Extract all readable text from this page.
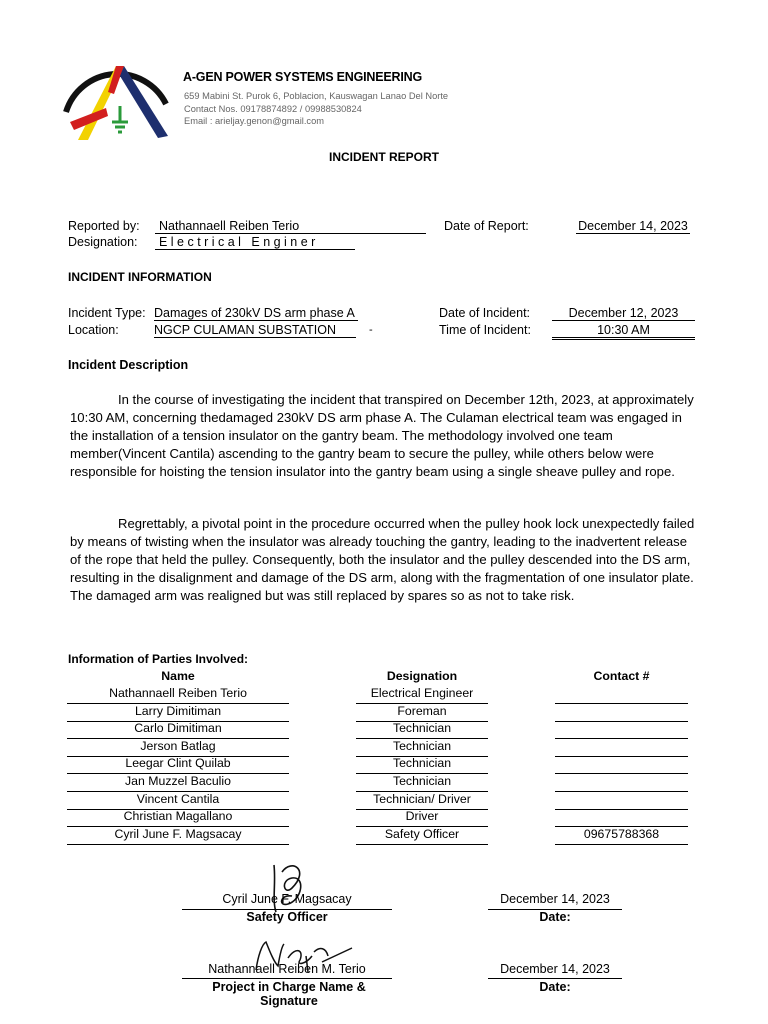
A-GEN POWER SYSTEMS ENGINEERING
659 Mabini St. Purok 6, Poblacion, Kauswagan Lanao Del Norte
Contact Nos. 09178874892 / 09988530824
Email : arieljay.genon@gmail.com
INCIDENT REPORT
Reported by:	Nathannaell Reiben Terio
Designation:	E l e c t r i c a l   E n g i n e r
Date of Report:	December 14, 2023
INCIDENT INFORMATION
Incident Type: Damages of 230kV DS arm phase A
Location:	NGCP CULAMAN SUBSTATION	-
Date of Incident:	December 12, 2023
Time of Incident:	10:30 AM
Incident Description

In the course of investigating the incident that transpired on December 12th, 2023, at approximately 10:30 AM, concerning thedamaged 230kV DS arm phase A. The Culaman electrical team was engaged in the installation of a tension insulator on the gantry beam. The methodology involved one team member(Vincent Cantila) ascending to the gantry beam to secure the pulley, while others below were responsible for hoisting the tension insulator into the gantry beam using a single sheave pulley and rope.

Regrettably, a pivotal point in the procedure occurred when the pulley hook lock unexpectedly failed by means of twisting when the insulator was already touching the gantry, leading to the inadvertent release of the rope that held the pulley. Consequently, both the insulator and the pulley descended into the DS arm, resulting in the disalignment and damage of the DS arm, along with the fragmentation of one insulator plate. The damaged arm was realigned but was still replaced by spares so as not to take risk.

Information of Parties Involved:
Name	Designation	Contact #
Nathannaell Reiben Terio	Electrical Engineer
Larry Dimitiman	Foreman
Carlo Dimitiman	Technician
Jerson Batlag	Technician
Leegar Clint Quilab	Technician
Jan Muzzel Baculio	Technician
Vincent Cantila	Technician/ Driver
Christian Magallano	Driver
Cyril June F. Magsacay	Safety Officer	09675788368
Cyril June F. Magsacay
Safety Officer
December 14, 2023
Date:
Nathannaell Reiben M. Terio
Project in Charge Name & Signature
December 14, 2023
Date:
